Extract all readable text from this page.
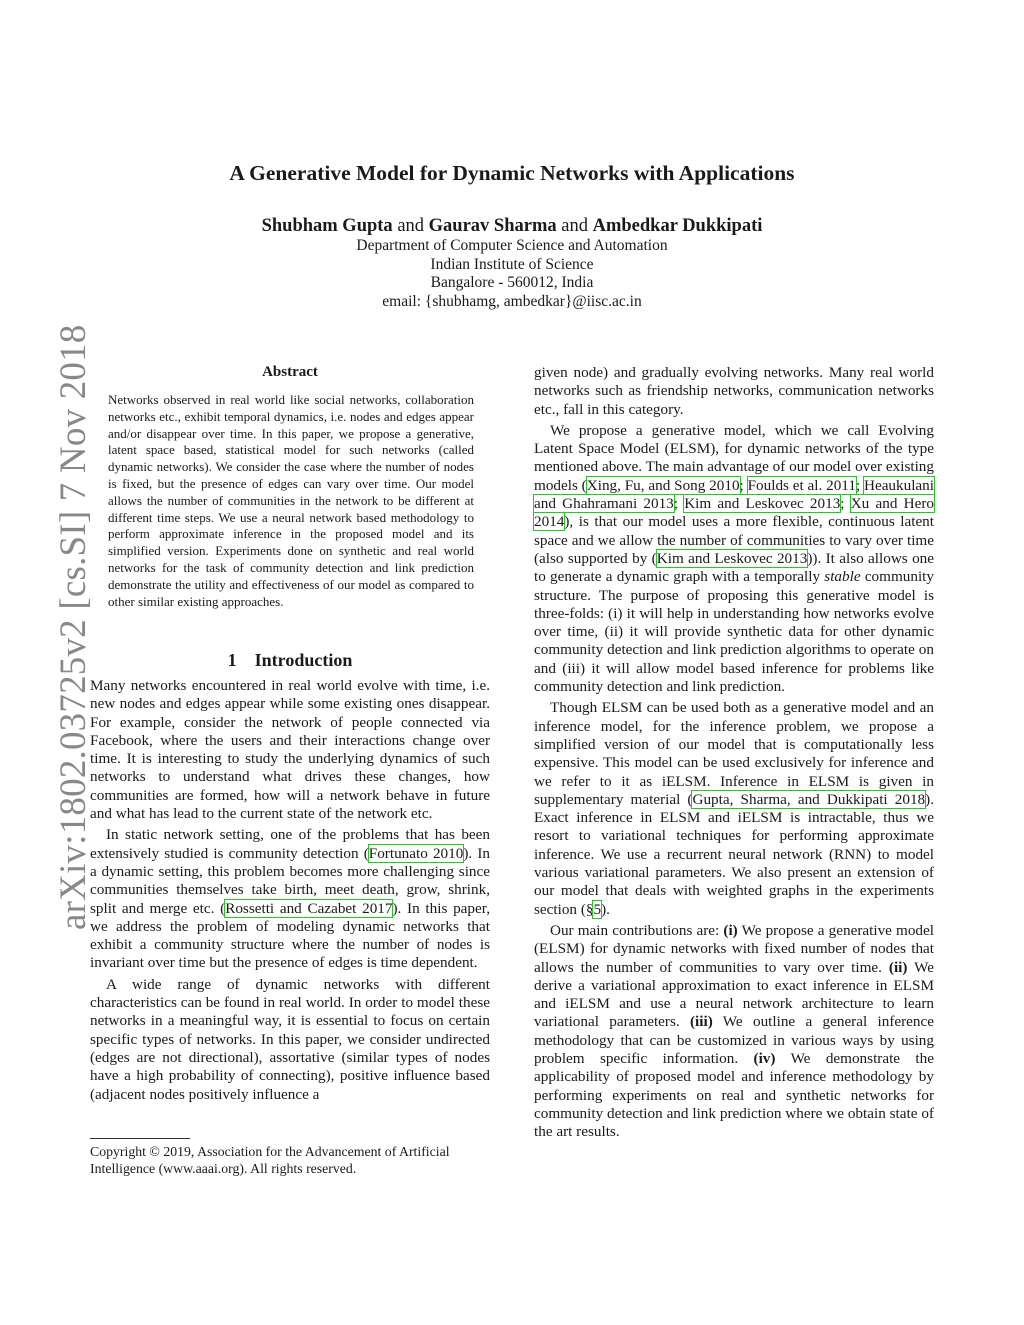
arXiv:1802.03725v2 [cs.SI] 7 Nov 2018
A Generative Model for Dynamic Networks with Applications
Shubham Gupta and Gaurav Sharma and Ambedkar Dukkipati
Department of Computer Science and Automation
Indian Institute of Science
Bangalore - 560012, India
email: {shubhamg, ambedkar}@iisc.ac.in
Abstract
Networks observed in real world like social networks, collaboration networks etc., exhibit temporal dynamics, i.e. nodes and edges appear and/or disappear over time. In this paper, we propose a generative, latent space based, statistical model for such networks (called dynamic networks). We consider the case where the number of nodes is fixed, but the presence of edges can vary over time. Our model allows the number of communities in the network to be different at different time steps. We use a neural network based methodology to perform approximate inference in the proposed model and its simplified version. Experiments done on synthetic and real world networks for the task of community detection and link prediction demonstrate the utility and effectiveness of our model as compared to other similar existing approaches.
1 Introduction

Many networks encountered in real world evolve with time, i.e. new nodes and edges appear while some existing ones disappear. For example, consider the network of people connected via Facebook, where the users and their interactions change over time. It is interesting to study the underlying dynamics of such networks to understand what drives these changes, how communities are formed, how will a network behave in future and what has lead to the current state of the network etc.

In static network setting, one of the problems that has been extensively studied is community detection (Fortunato 2010). In a dynamic setting, this problem becomes more challenging since communities themselves take birth, meet death, grow, shrink, split and merge etc. (Rossetti and Cazabet 2017). In this paper, we address the problem of modeling dynamic networks that exhibit a community structure where the number of nodes is invariant over time but the presence of edges is time dependent.

A wide range of dynamic networks with different characteristics can be found in real world. In order to model these networks in a meaningful way, it is essential to focus on certain specific types of networks. In this paper, we consider undirected (edges are not directional), assortative (similar types of nodes have a high probability of connecting), positive influence based (adjacent nodes positively influence a

Copyright © 2019, Association for the Advancement of Artificial Intelligence (www.aaai.org). All rights reserved.

given node) and gradually evolving networks. Many real world networks such as friendship networks, communication networks etc., fall in this category.

We propose a generative model, which we call Evolving Latent Space Model (ELSM), for dynamic networks of the type mentioned above. The main advantage of our model over existing models (Xing, Fu, and Song 2010; Foulds et al. 2011; Heaukulani and Ghahramani 2013; Kim and Leskovec 2013; Xu and Hero 2014), is that our model uses a more flexible, continuous latent space and we allow the number of communities to vary over time (also supported by (Kim and Leskovec 2013)). It also allows one to generate a dynamic graph with a temporally stable community structure. The purpose of proposing this generative model is three-folds: (i) it will help in understanding how networks evolve over time, (ii) it will provide synthetic data for other dynamic community detection and link prediction algorithms to operate on and (iii) it will allow model based inference for problems like community detection and link prediction.

Though ELSM can be used both as a generative model and an inference model, for the inference problem, we propose a simplified version of our model that is computationally less expensive. This model can be used exclusively for inference and we refer to it as iELSM. Inference in ELSM is given in supplementary material (Gupta, Sharma, and Dukkipati 2018). Exact inference in ELSM and iELSM is intractable, thus we resort to variational techniques for performing approximate inference. We use a recurrent neural network (RNN) to model various variational parameters. We also present an extension of our model that deals with weighted graphs in the experiments section (§5).

Our main contributions are: (i) We propose a generative model (ELSM) for dynamic networks with fixed number of nodes that allows the number of communities to vary over time. (ii) We derive a variational approximation to exact inference in ELSM and iELSM and use a neural network architecture to learn variational parameters. (iii) We outline a general inference methodology that can be customized in various ways by using problem specific information. (iv) We demonstrate the applicability of proposed model and inference methodology by performing experiments on real and synthetic networks for community detection and link prediction where we obtain state of the art results.
